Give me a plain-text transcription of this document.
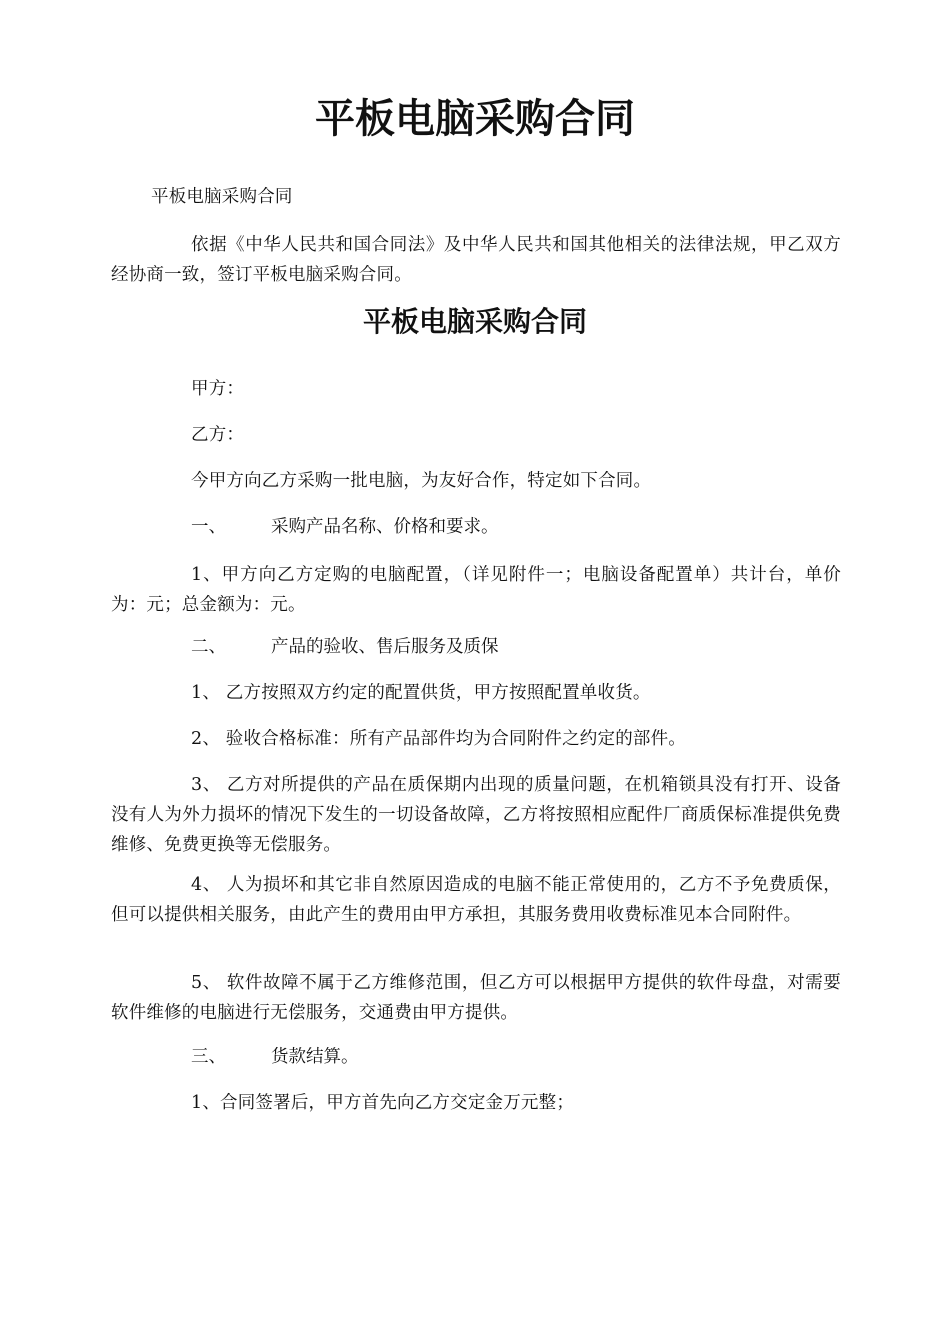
平板电脑采购合同

平板电脑采购合同

依据《中华人民共和国合同法》及中华人民共和国其他相关的法律法规，甲乙双方经协商一致，签订平板电脑采购合同。

平板电脑采购合同

甲方：

乙方：

今甲方向乙方采购一批电脑，为友好合作，特定如下合同。

一、	采购产品名称、价格和要求。

1、甲方向乙方定购的电脑配置，（详见附件一；电脑设备配置单）共计台，单价为：元；总金额为：元。

二、	产品的验收、售后服务及质保

1、 乙方按照双方约定的配置供货，甲方按照配置单收货。

2、 验收合格标准：所有产品部件均为合同附件之约定的部件。

3、 乙方对所提供的产品在质保期内出现的质量问题，在机箱锁具没有打开、设备没有人为外力损坏的情况下发生的一切设备故障，乙方将按照相应配件厂商质保标准提供免费维修、免费更换等无偿服务。

4、 人为损坏和其它非自然原因造成的电脑不能正常使用的，乙方不予免费质保，但可以提供相关服务，由此产生的费用由甲方承担，其服务费用收费标准见本合同附件。

5、 软件故障不属于乙方维修范围，但乙方可以根据甲方提供的软件母盘，对需要软件维修的电脑进行无偿服务，交通费由甲方提供。

三、	货款结算。

1、合同签署后，甲方首先向乙方交定金万元整；
